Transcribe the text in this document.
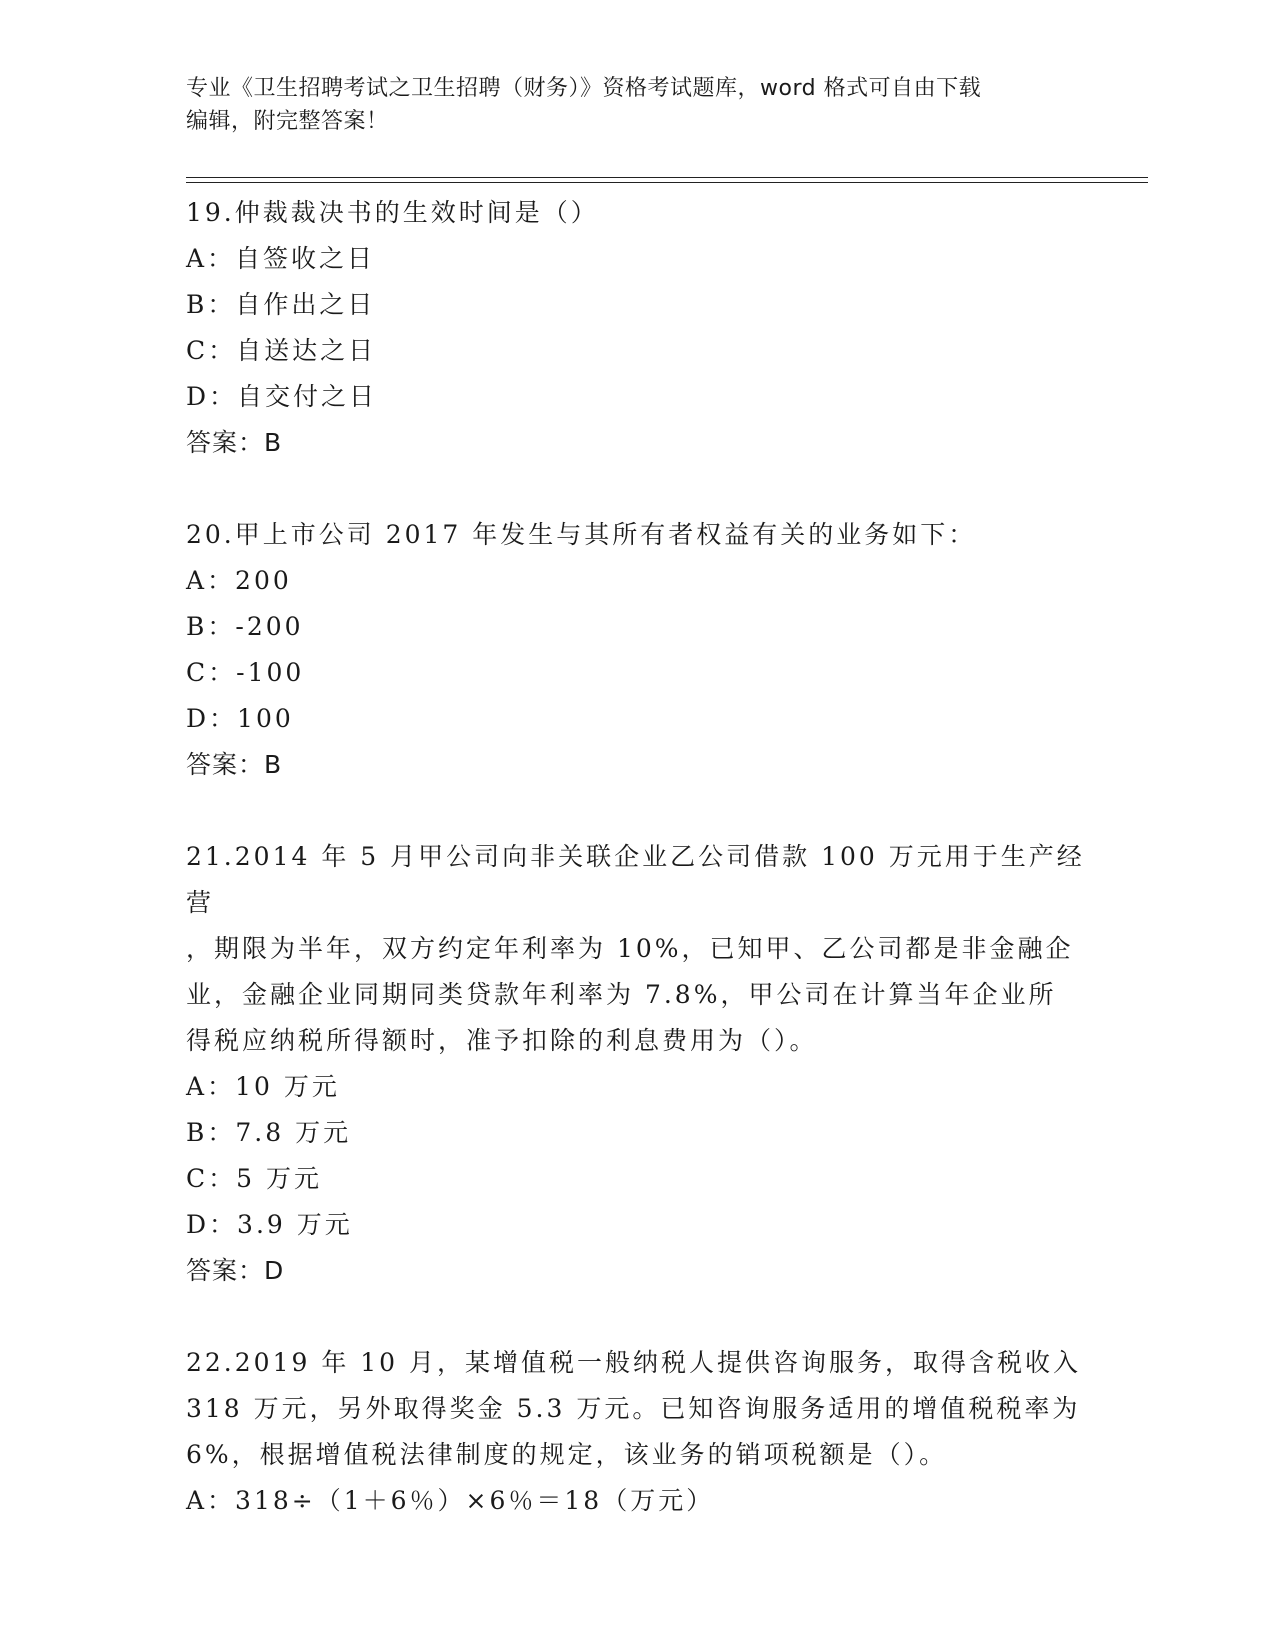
专业《卫生招聘考试之卫生招聘（财务）》资格考试题库，word 格式可自由下载
编辑，附完整答案！

19.仲裁裁决书的生效时间是（）

A：自签收之日

B：自作出之日

C：自送达之日

D：自交付之日

答案：B

20.甲上市公司 2017 年发生与其所有者权益有关的业务如下：

A：200

B：-200

C：-100

D：100

答案：B

21.2014 年 5 月甲公司向非关联企业乙公司借款 100 万元用于生产经营

，期限为半年，双方约定年利率为 10%，已知甲、乙公司都是非金融企

业，金融企业同期同类贷款年利率为 7.8%，甲公司在计算当年企业所

得税应纳税所得额时，准予扣除的利息费用为（）。

A：10 万元

B：7.8 万元

C：5 万元

D：3.9 万元

答案：D

22.2019 年 10 月，某增值税一般纳税人提供咨询服务，取得含税收入

318 万元，另外取得奖金 5.3 万元。已知咨询服务适用的增值税税率为

6%，根据增值税法律制度的规定，该业务的销项税额是（）。

A：318÷（1＋6％）×6％＝18（万元）
